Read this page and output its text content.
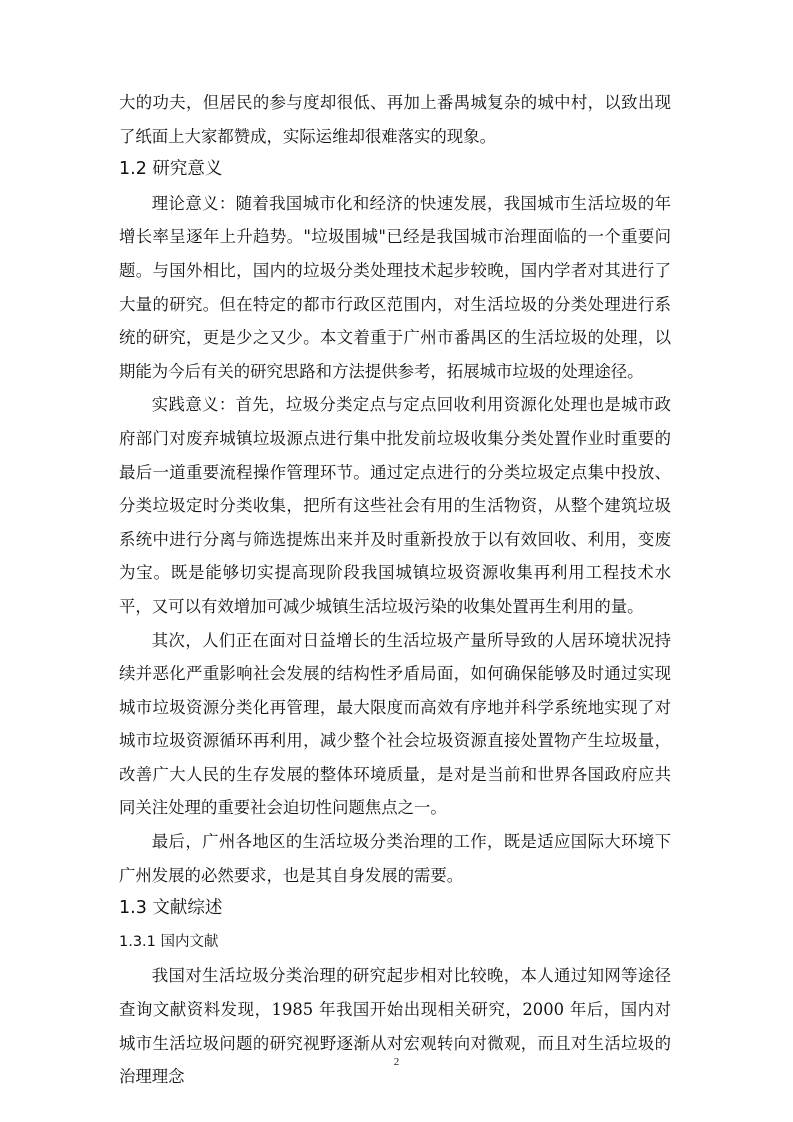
大的功夫，但居民的参与度却很低、再加上番禺城复杂的城中村，以致出现了纸面上大家都赞成，实际运维却很难落实的现象。

1.2 研究意义

理论意义：随着我国城市化和经济的快速发展，我国城市生活垃圾的年增长率呈逐年上升趋势。"垃圾围城"已经是我国城市治理面临的一个重要问题。与国外相比，国内的垃圾分类处理技术起步较晚，国内学者对其进行了大量的研究。但在特定的都市行政区范围内，对生活垃圾的分类处理进行系统的研究，更是少之又少。本文着重于广州市番禺区的生活垃圾的处理，以期能为今后有关的研究思路和方法提供参考，拓展城市垃圾的处理途径。

实践意义：首先，垃圾分类定点与定点回收利用资源化处理也是城市政府部门对废弃城镇垃圾源点进行集中批发前垃圾收集分类处置作业时重要的最后一道重要流程操作管理环节。通过定点进行的分类垃圾定点集中投放、分类垃圾定时分类收集，把所有这些社会有用的生活物资，从整个建筑垃圾系统中进行分离与筛选提炼出来并及时重新投放于以有效回收、利用，变废为宝。既是能够切实提高现阶段我国城镇垃圾资源收集再利用工程技术水平，又可以有效增加可减少城镇生活垃圾污染的收集处置再生利用的量。

其次，人们正在面对日益增长的生活垃圾产量所导致的人居环境状况持续并恶化严重影响社会发展的结构性矛盾局面，如何确保能够及时通过实现城市垃圾资源分类化再管理，最大限度而高效有序地并科学系统地实现了对城市垃圾资源循环再利用，减少整个社会垃圾资源直接处置物产生垃圾量，改善广大人民的生存发展的整体环境质量，是对是当前和世界各国政府应共同关注处理的重要社会迫切性问题焦点之一。

最后，广州各地区的生活垃圾分类治理的工作，既是适应国际大环境下广州发展的必然要求，也是其自身发展的需要。

1.3 文献综述
1.3.1 国内文献

我国对生活垃圾分类治理的研究起步相对比较晚，本人通过知网等途径查询文献资料发现，1985 年我国开始出现相关研究，2000 年后，国内对城市生活垃圾问题的研究视野逐渐从对宏观转向对微观，而且对生活垃圾的治理理念

2
